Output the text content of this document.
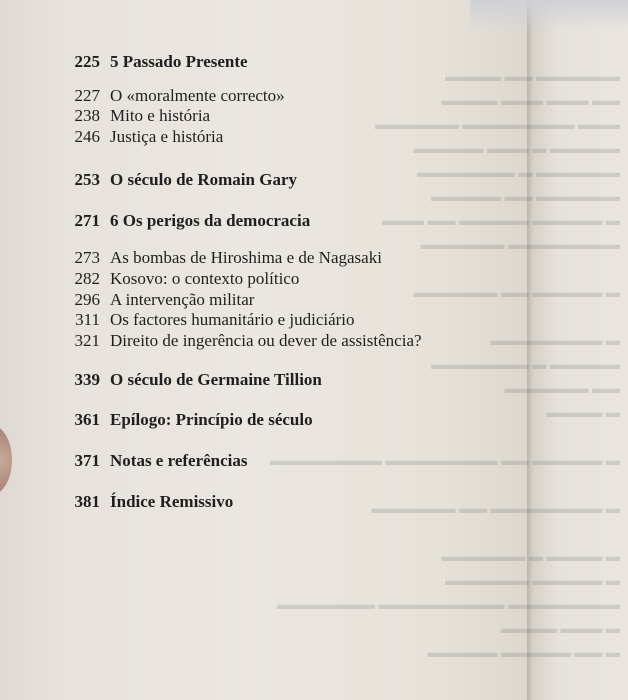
▬▬▬▬▬▬ ▬▬ ▬▬▬▬
▬▬ ▬▬▬ ▬▬▬ ▬▬▬▬
▬▬▬ ▬▬▬▬▬▬▬▬ ▬▬▬▬▬▬
▬▬▬▬▬ ▬ ▬▬▬ ▬▬▬▬▬
▬▬▬▬▬▬ ▬ ▬▬▬▬▬▬▬
▬▬▬▬▬▬ ▬▬ ▬▬▬▬▬
▬ ▬▬▬▬▬ ▬▬▬▬▬ ▬▬ ▬▬▬
▬▬▬▬▬▬▬▬ ▬▬▬▬▬▬
▬ ▬▬▬▬▬ ▬▬ ▬▬▬▬▬▬
▬ ▬▬▬▬▬▬▬▬
▬▬▬▬▬ ▬ ▬▬▬▬▬▬▬
▬▬ ▬▬▬▬▬▬
▬ ▬▬▬▬
▬ ▬▬▬▬▬ ▬▬ ▬▬▬▬▬▬▬▬ ▬▬▬▬▬▬▬▬
▬ ▬▬▬▬▬▬▬▬ ▬▬ ▬▬▬▬▬▬
▬ ▬▬▬▬ ▬ ▬▬▬▬▬▬
▬ ▬▬▬▬▬ ▬▬▬▬▬▬
▬▬▬▬▬▬▬▬ ▬▬▬▬▬▬▬▬▬ ▬▬▬▬▬▬▬
▬ ▬▬▬ ▬▬▬▬
▬ ▬▬ ▬▬▬▬▬ ▬▬▬▬▬
225 5 Passado Presente
227 O «moralmente correcto»
238 Mito e história
246 Justiça e história
253 O século de Romain Gary
271 6 Os perigos da democracia
273 As bombas de Hiroshima e de Nagasaki
282 Kosovo: o contexto político
296 A intervenção militar
311 Os factores humanitário e judiciário
321 Direito de ingerência ou dever de assistência?
339 O século de Germaine Tillion
361 Epílogo: Princípio de século
371 Notas e referências
381 Índice Remissivo
